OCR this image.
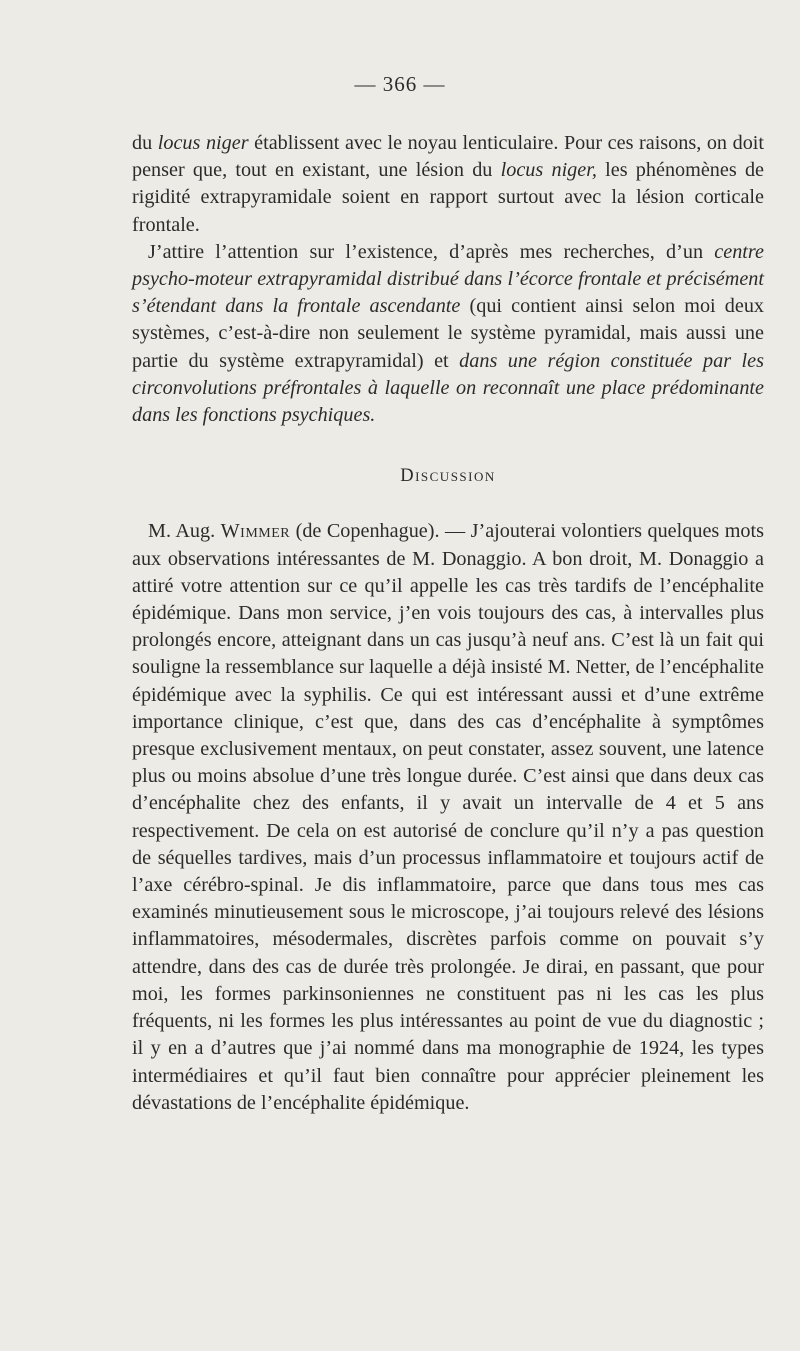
— 366 —

du locus niger établissent avec le noyau lenticulaire. Pour ces raisons, on doit penser que, tout en existant, une lésion du locus niger, les phénomènes de rigidité extrapyramidale soient en rapport surtout avec la lésion corticale frontale.

J’attire l’attention sur l’existence, d’après mes recherches, d’un centre psycho-moteur extrapyramidal distribué dans l’écorce frontale et précisément s’étendant dans la frontale ascendante (qui contient ainsi selon moi deux systèmes, c’est-à-dire non seulement le système pyramidal, mais aussi une partie du système extrapyramidal) et dans une région constituée par les circonvolutions préfrontales à laquelle on reconnaît une place prédominante dans les fonctions psychiques.

Discussion

M. Aug. Wimmer (de Copenhague). — J’ajouterai volontiers quelques mots aux observations intéressantes de M. Donaggio. A bon droit, M. Donaggio a attiré votre attention sur ce qu’il appelle les cas très tardifs de l’encéphalite épidémique. Dans mon service, j’en vois toujours des cas, à intervalles plus prolongés encore, atteignant dans un cas jusqu’à neuf ans. C’est là un fait qui souligne la ressemblance sur laquelle a déjà insisté M. Netter, de l’encéphalite épidémique avec la syphilis. Ce qui est intéressant aussi et d’une extrême importance clinique, c’est que, dans des cas d’encéphalite à symptômes presque exclusivement mentaux, on peut constater, assez souvent, une latence plus ou moins absolue d’une très longue durée. C’est ainsi que dans deux cas d’encéphalite chez des enfants, il y avait un intervalle de 4 et 5 ans respectivement. De cela on est autorisé de conclure qu’il n’y a pas question de séquelles tardives, mais d’un processus inflammatoire et toujours actif de l’axe cérébro-spinal. Je dis inflammatoire, parce que dans tous mes cas examinés minutieusement sous le microscope, j’ai toujours relevé des lésions inflammatoires, mésodermales, discrètes parfois comme on pouvait s’y attendre, dans des cas de durée très prolongée. Je dirai, en passant, que pour moi, les formes parkinsoniennes ne constituent pas ni les cas les plus fréquents, ni les formes les plus intéressantes au point de vue du diagnostic ; il y en a d’autres que j’ai nommé dans ma monographie de 1924, les types intermédiaires et qu’il faut bien connaître pour apprécier pleinement les dévastations de l’encéphalite épidémique.
